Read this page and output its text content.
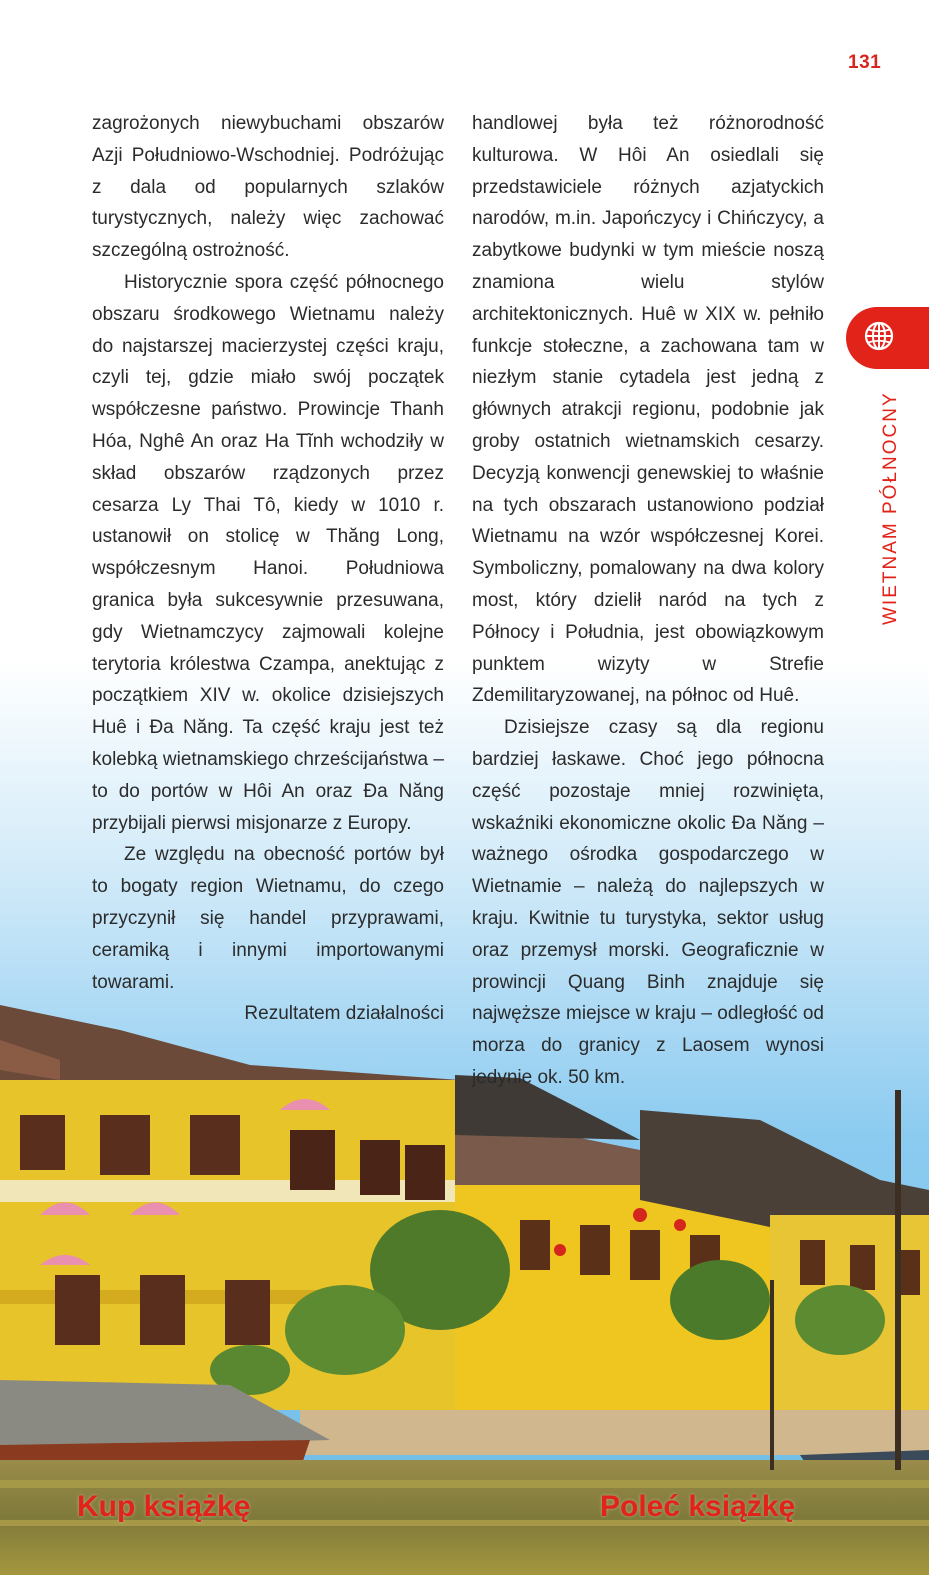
131
WIETNAM PÓŁNOCNY

zagrożonych niewybuchami obszarów Azji Południowo-Wschodniej. Podróżując z dala od popularnych szlaków turystycznych, należy więc zachować szczególną ostrożność.

Historycznie spora część północnego obszaru środkowego Wietnamu należy do najstarszej macierzystej części kraju, czyli tej, gdzie miało swój początek współczesne państwo. Prowincje Thanh Hóa, Nghê An oraz Ha Tĩnh wchodziły w skład obszarów rządzonych przez cesarza Ly Thai Tô, kiedy w 1010 r. ustanowił on stolicę w Thăng Long, współczesnym Hanoi. Południowa granica była sukcesywnie przesuwana, gdy Wietnamczycy zajmowali kolejne terytoria królestwa Czampa, anektując z początkiem XIV w. okolice dzisiejszych Huê i Đa Năng. Ta część kraju jest też kolebką wietnamskiego chrześcijaństwa – to do portów w Hôi An oraz Đa Năng przybijali pierwsi misjonarze z Europy.

Ze względu na obecność portów był to bogaty region Wietnamu, do czego przyczynił się handel przyprawami, ceramiką i innymi importowanymi towarami.

Rezultatem działalności

handlowej była też różnorodność kulturowa. W Hôi An osiedlali się przedstawiciele różnych azjatyckich narodów, m.in. Japończycy i Chińczycy, a zabytkowe budynki w tym mieście noszą znamiona wielu stylów architektonicznych. Huê w XIX w. pełniło funkcje stołeczne, a zachowana tam w niezłym stanie cytadela jest jedną z głównych atrakcji regionu, podobnie jak groby ostatnich wietnamskich cesarzy. Decyzją konwencji genewskiej to właśnie na tych obszarach ustanowiono podział Wietnamu na wzór współczesnej Korei. Symboliczny, pomalowany na dwa kolory most, który dzielił naród na tych z Północy i Południa, jest obowiązkowym punktem wizyty w Strefie Zdemilitaryzowanej, na północ od Huê.

Dzisiejsze czasy są dla regionu bardziej łaskawe. Choć jego północna część pozostaje mniej rozwinięta, wskaźniki ekonomiczne okolic Đa Năng – ważnego ośrodka gospodarczego w Wietnamie – należą do najlepszych w kraju. Kwitnie tu turystyka, sektor usług oraz przemysł morski. Geograficznie w prowincji Quang Binh znajduje się najwęższe miejsce w kraju – odległość od morza do granicy z Laosem wynosi jedynie ok. 50 km.

Kup książkę	Poleć książkę
